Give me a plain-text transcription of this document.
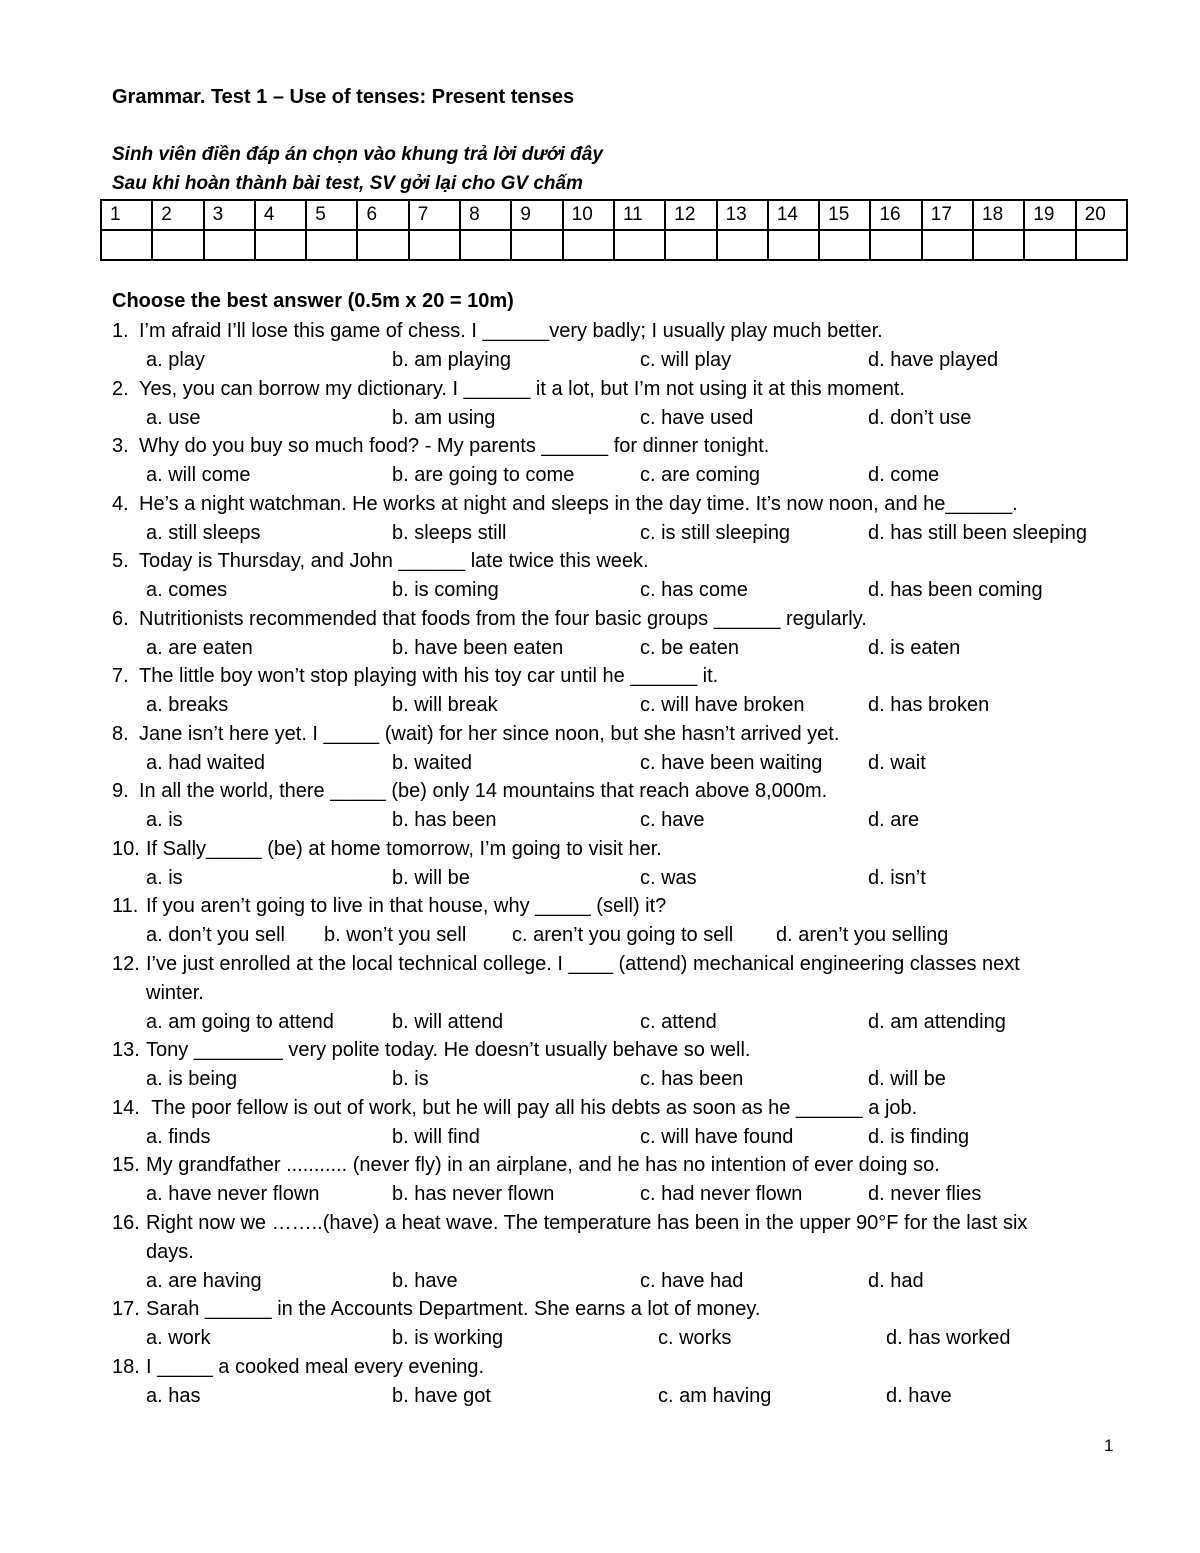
Grammar. Test 1 – Use of tenses: Present tenses
Sinh viên điền đáp án chọn vào khung trả lời dưới đây
Sau khi hoàn thành bài test, SV gởi lại cho GV chấm
1	2	3	4	5	6	7	8	9	10	11	12	13	14	15	16	17	18	19	20

Choose the best answer (0.5m x 20 = 10m)
1. I’m afraid I’ll lose this game of chess. I ______very badly; I usually play much better.
a. play	b. am playing	c. will play	d. have played
2. Yes, you can borrow my dictionary. I ______ it a lot, but I’m not using it at this moment.
a. use	b. am using	c. have used	d. don’t use
3. Why do you buy so much food? - My parents ______ for dinner tonight.
a. will come	b. are going to come	c. are coming	d. come
4. He’s a night watchman. He works at night and sleeps in the day time. It’s now noon, and he______.
a. still sleeps	b. sleeps still	c. is still sleeping	d. has still been sleeping
5. Today is Thursday, and John ______ late twice this week.
a. comes	b. is coming	c. has come	d. has been coming
6. Nutritionists recommended that foods from the four basic groups ______ regularly.
a. are eaten	b. have been eaten	c. be eaten	d. is eaten
7. The little boy won’t stop playing with his toy car until he ______ it.
a. breaks	b. will break	c. will have broken	d. has broken
8. Jane isn’t here yet. I _____ (wait) for her since noon, but she hasn’t arrived yet.
a. had waited	b. waited	c. have been waiting d. wait
9. In all the world, there _____ (be) only 14 mountains that reach above 8,000m.
a. is	b. has been	c. have	d. are
10. If Sally_____ (be) at home tomorrow, I’m going to visit her.
a. is	b. will be	c. was	d. isn’t
11. If you aren’t going to live in that house, why _____ (sell) it?
a. don’t you sell b. won’t you sell c. aren’t you going to sell d. aren’t you selling
12. I’ve just enrolled at the local technical college. I ____ (attend) mechanical engineering classes next
winter.
a. am going to attend	b. will attend	c. attend	d. am attending
13. Tony ________ very polite today. He doesn’t usually behave so well.
a. is being	b. is	c. has been	d. will be
14. The poor fellow is out of work, but he will pay all his debts as soon as he ______ a job.
a. finds	b. will find	c. will have found	d. is finding
15. My grandfather ........... (never fly) in an airplane, and he has no intention of ever doing so.
a. have never flown	b. has never flown	c. had never flown	d. never flies
16. Right now we ……..(have) a heat wave. The temperature has been in the upper 90°F for the last six
days.
a. are having	b. have	c. have had	d. had
17. Sarah ______ in the Accounts Department. She earns a lot of money.
a. work	b. is working	c. works	d. has worked
18. I _____ a cooked meal every evening.
a. has	b. have got	c. am having	d. have
1
